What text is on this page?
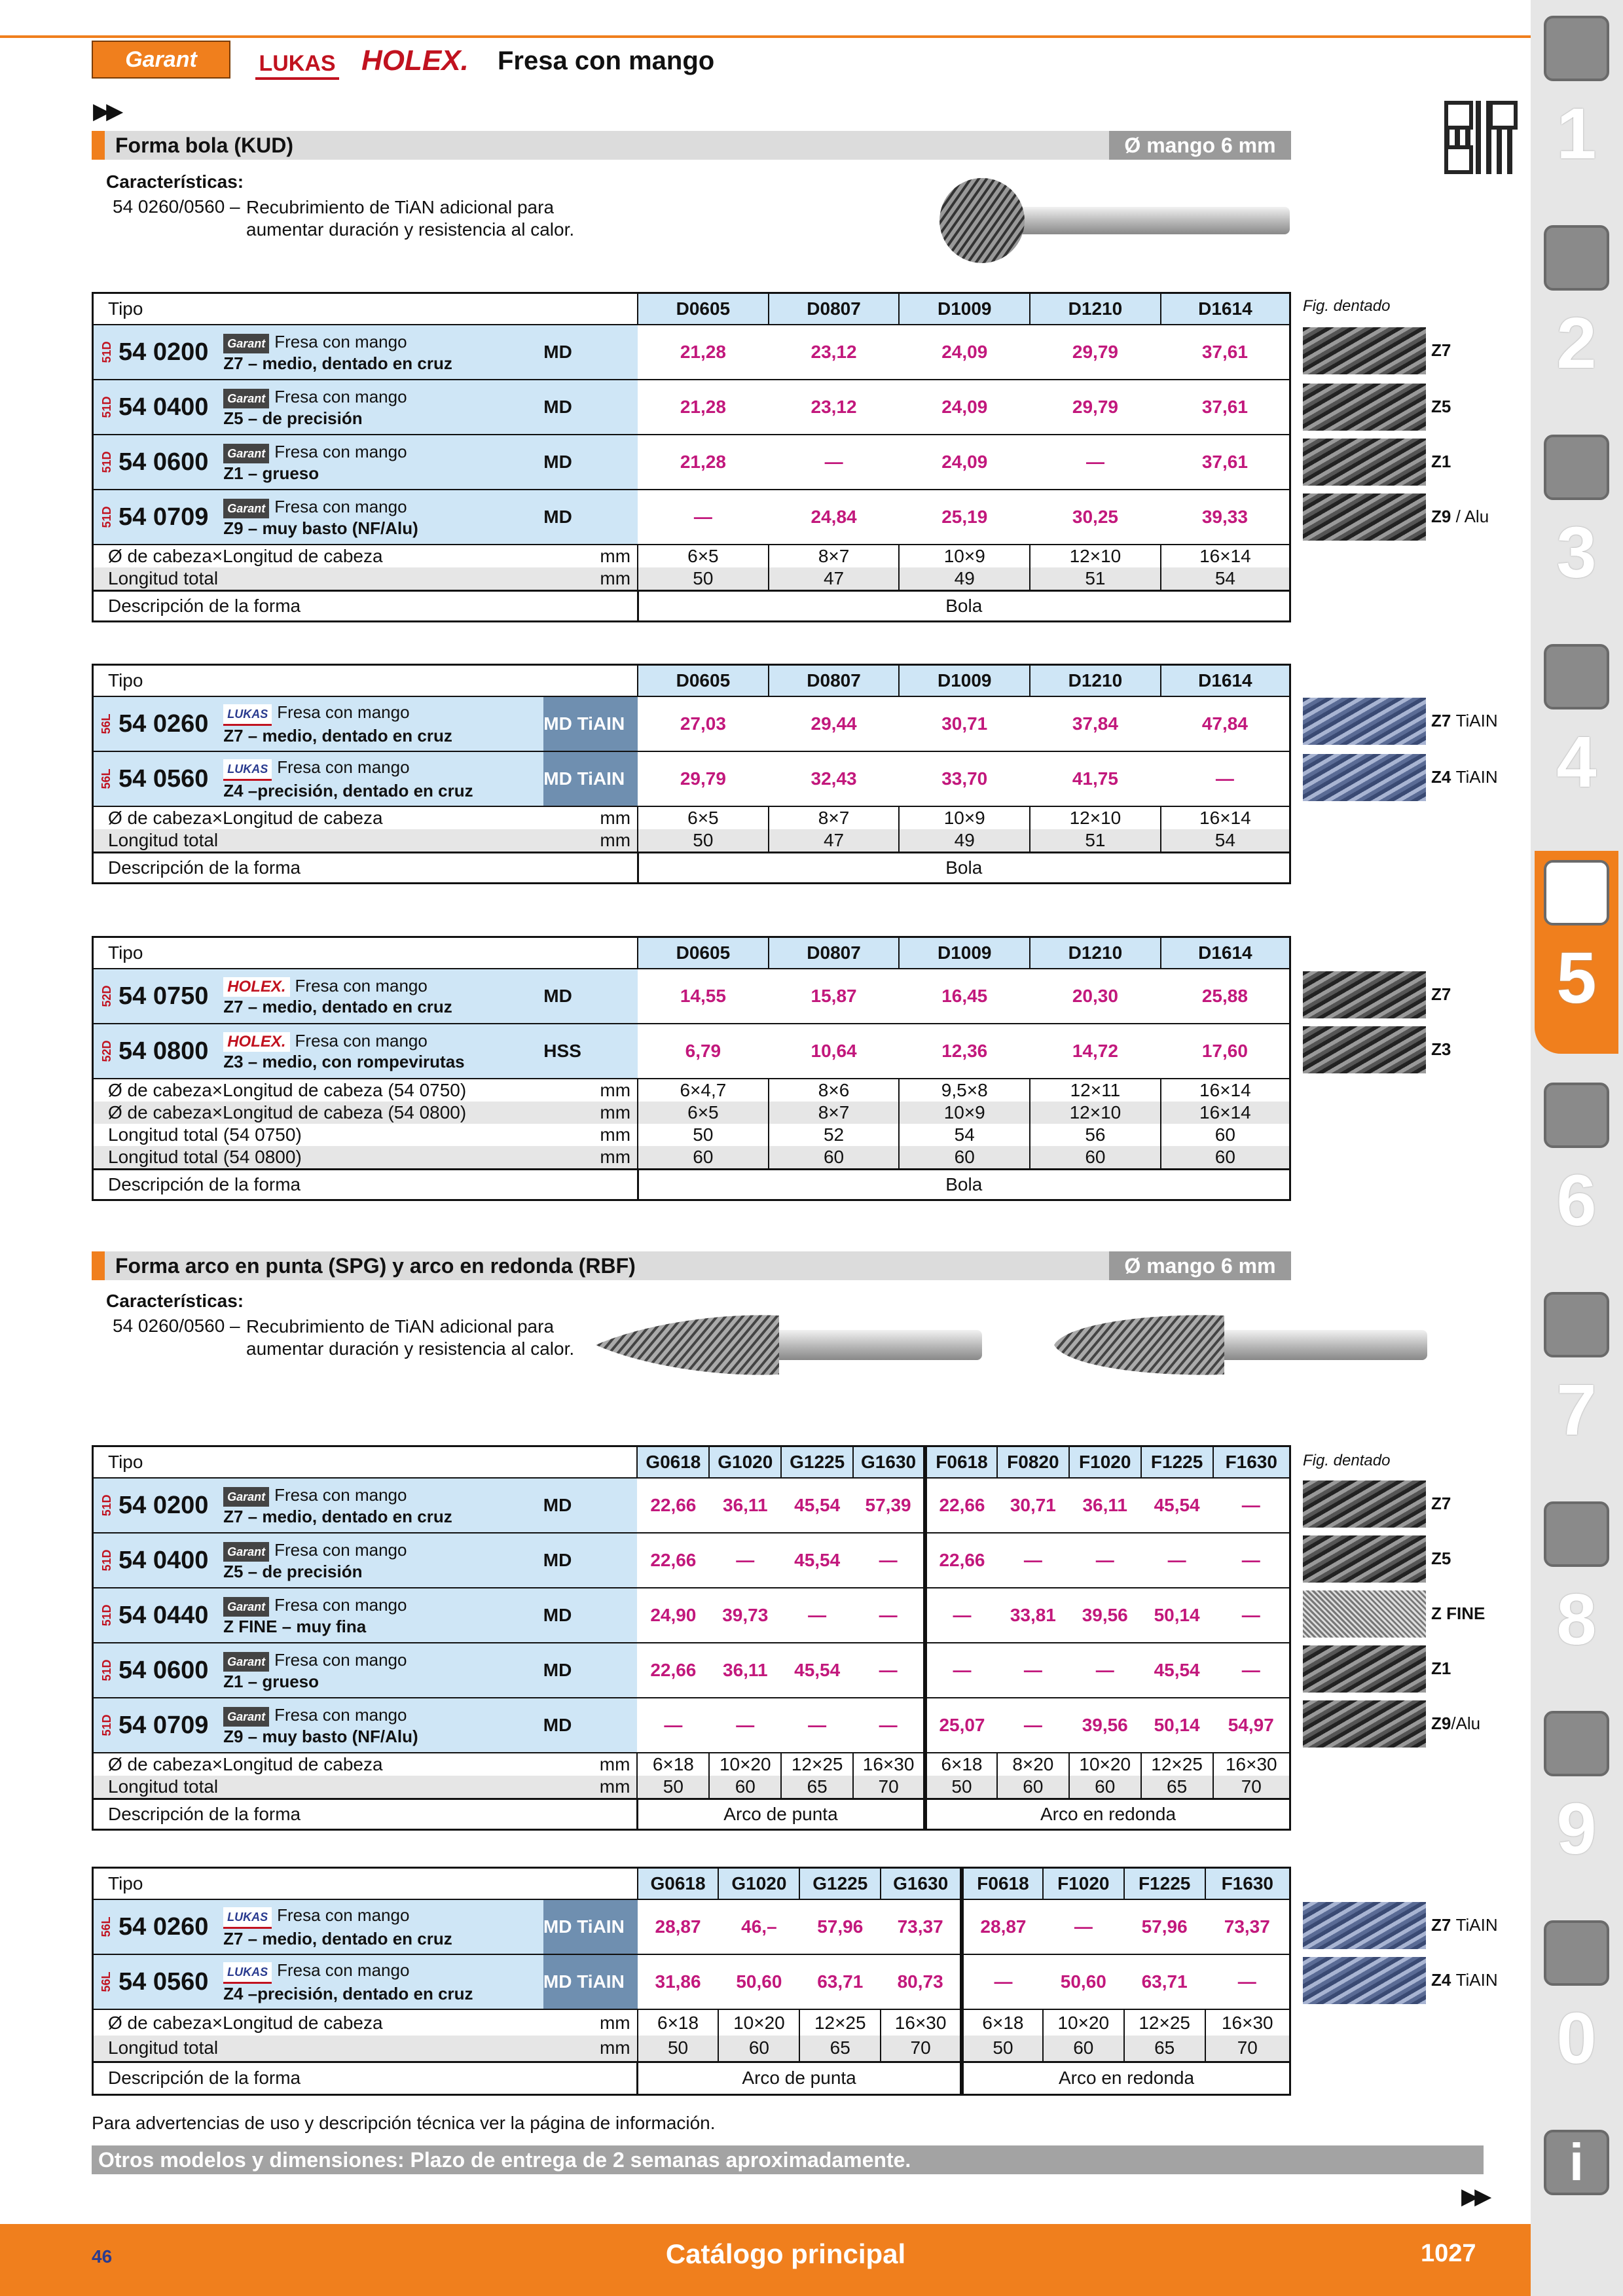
Garant	LUKAS HOLEX. Fresa con mango
▶▶
Forma bola (KUD)	Ø mango 6 mm
Características:
54 0260/0560 – Recubrimiento de TiAN adicional para aumentar duración y resistencia al calor.
Tipo			D0605	D0807	D1009	D1210	D1614

51D 54 0200	Garant Fresa con mango
Z7 – medio, dentado en cruz	MD	21,28	23,12	24,09	29,79	37,61

51D 54 0400	Garant Fresa con mango
Z5 – de precisión	MD	21,28	23,12	24,09	29,79	37,61

51D 54 0600	Garant Fresa con mango
Z1 – grueso	MD	21,28	—	24,09	—	37,61

51D 54 0709	Garant Fresa con mango
Z9 – muy basto (NF/Alu)	MD	—	24,84	25,19	30,25	39,33
Ø de cabeza×Longitud de cabeza		mm	6×5	8×7	10×9	12×10	16×14
Longitud total		mm	50	47	49	51	54
Descripción de la forma			Bola				
Fig. dentado
Z7
Z5
Z1
Z9 / Alu
Tipo			D0605	D0807	D1009	D1210	D1614

56L 54 0260	LUKAS Fresa con mango
Z7 – medio, dentado en cruz	MD TiAIN	27,03	29,44	30,71	37,84	47,84

56L 54 0560	LUKAS Fresa con mango
Z4 –precisión, dentado en cruz	MD TiAIN	29,79	32,43	33,70	41,75	—
Ø de cabeza×Longitud de cabeza		mm	6×5	8×7	10×9	12×10	16×14
Longitud total		mm	50	47	49	51	54
Descripción de la forma			Bola				
Z7 TiAIN
Z4 TiAIN
Tipo			D0605	D0807	D1009	D1210	D1614

52D 54 0750	HOLEX. Fresa con mango
Z7 – medio, dentado en cruz	MD	14,55	15,87	16,45	20,30	25,88

52D 54 0800	HOLEX. Fresa con mango
Z3 – medio, con rompevirutas	HSS	6,79	10,64	12,36	14,72	17,60
Ø de cabeza×Longitud de cabeza (54 0750)		mm	6×4,7	8×6	9,5×8	12×11	16×14
Ø de cabeza×Longitud de cabeza (54 0800)		mm	6×5	8×7	10×9	12×10	16×14
Longitud total (54 0750)		mm	50	52	54	56	60
Longitud total (54 0800)		mm	60	60	60	60	60
Descripción de la forma			Bola				
Z7
Z3
Forma arco en punta (SPG) y arco en redonda (RBF)	Ø mango 6 mm
Características:
54 0260/0560 – Recubrimiento de TiAN adicional para aumentar duración y resistencia al calor.
Tipo			G0618	G1020	G1225	G1630	F0618	F0820	F1020	F1225	F1630

51D 54 0200	Garant Fresa con mango
Z7 – medio, dentado en cruz	MD	22,66	36,11	45,54	57,39	22,66	30,71	36,11	45,54	—

51D 54 0400	Garant Fresa con mango
Z5 – de precisión	MD	22,66	—	45,54	—	22,66	—	—	—	—

51D 54 0440	Garant Fresa con mango
Z FINE – muy fina	MD	24,90	39,73	—	—	—	33,81	39,56	50,14	—

51D 54 0600	Garant Fresa con mango
Z1 – grueso	MD	22,66	36,11	45,54	—	—	—	—	45,54	—

51D 54 0709	Garant Fresa con mango
Z9 – muy basto (NF/Alu)	MD	—	—	—	—	25,07	—	39,56	50,14	54,97
Ø de cabeza×Longitud de cabeza		mm	6×18	10×20	12×25	16×30	6×18	8×20	10×20	12×25	16×30
Longitud total		mm	50	60	65	70	50	60	60	65	70
Descripción de la forma			Arco de punta				Arco en redonda				
Fig. dentado
Z7
Z5
Z FINE
Z1
Z9/Alu
Tipo			G0618	G1020	G1225	G1630	F0618	F1020	F1225	F1630

56L 54 0260	LUKAS Fresa con mango
Z7 – medio, dentado en cruz	MD TiAIN	28,87	46,–	57,96	73,37	28,87	—	57,96	73,37

56L 54 0560	LUKAS Fresa con mango
Z4 –precisión, dentado en cruz	MD TiAIN	31,86	50,60	63,71	80,73	—	50,60	63,71	—
Ø de cabeza×Longitud de cabeza		mm	6×18	10×20	12×25	16×30	6×18	10×20	12×25	16×30
Longitud total		mm	50	60	65	70	50	60	65	70
Descripción de la forma			Arco de punta				Arco en redonda			
Z7 TiAIN
Z4 TiAIN
Para advertencias de uso y descripción técnica ver la página de información.
Otros modelos y dimensiones: Plazo de entrega de 2 semanas aproximadamente.
▶▶
46	Catálogo principal	1027
1
2
3
4
5
6
7
8
9
0
i
